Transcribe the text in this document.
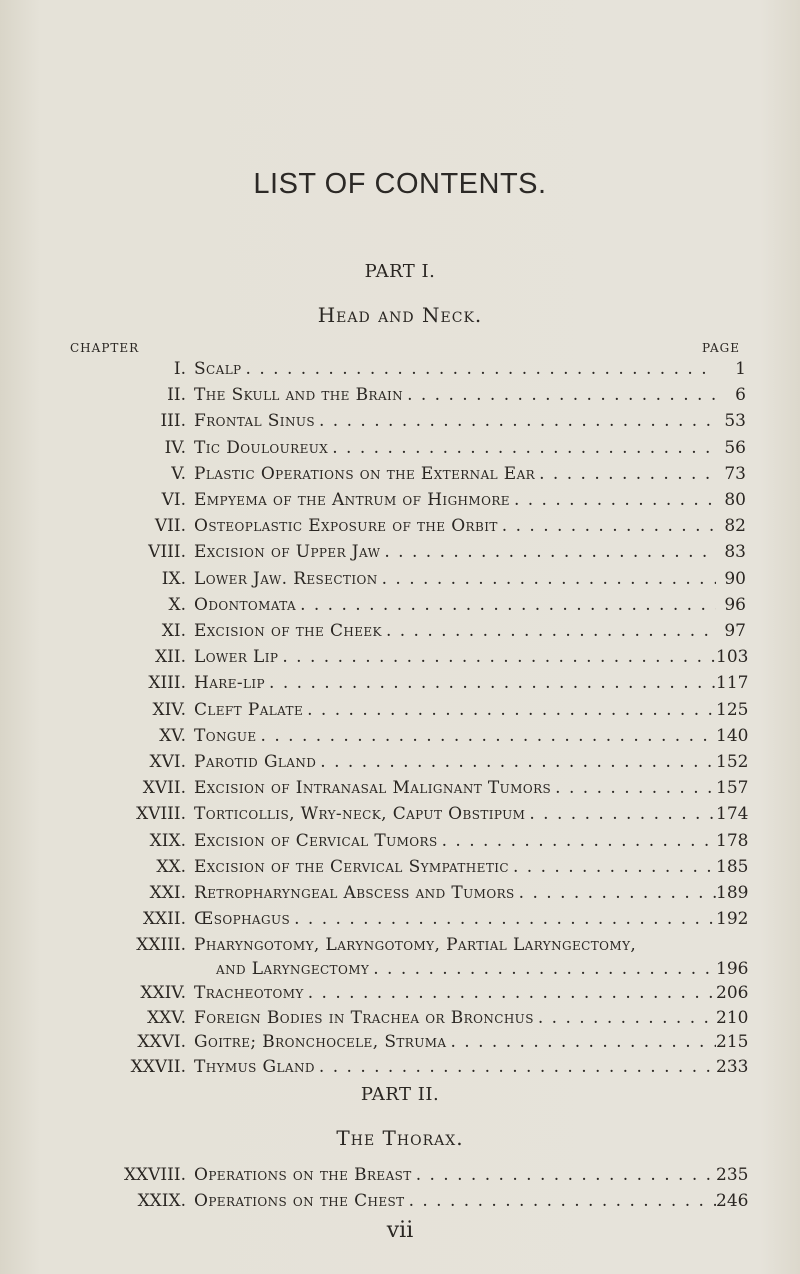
LIST OF CONTENTS.
PART I.
Head and Neck.
CHAPTER	PAGE
I. Scalp . . .	1
II. The Skull and the Brain . . .	6
III. Frontal Sinus . . .	53
IV. Tic Douloureux . . .	56
V. Plastic Operations on the External Ear . . .	73
VI. Empyema of the Antrum of Highmore . . .	80
VII. Osteoplastic Exposure of the Orbit . . .	82
VIII. Excision of Upper Jaw . . .	83
IX. Lower Jaw. Resection . . .	90
X. Odontomata . . .	96
XI. Excision of the Cheek . . .	97
XII. Lower Lip . . .	103
XIII. Hare-lip . . .	117
XIV. Cleft Palate . . .	125
XV. Tongue . . .	140
XVI. Parotid Gland . . .	152
XVII. Excision of Intranasal Malignant Tumors . . .	157
XVIII. Torticollis, Wry-neck, Caput Obstipum . . .	174
XIX. Excision of Cervical Tumors . . .	178
XX. Excision of the Cervical Sympathetic . . .	185
XXI. Retropharyngeal Abscess and Tumors . . .	189
XXII. Œsophagus . . .	192
XXIII. Pharyngotomy, Laryngotomy, Partial Laryngectomy,
and Laryngectomy . . .	196
XXIV. Tracheotomy . . .	206
XXV. Foreign Bodies in Trachea or Bronchus . . .	210
XXVI. Goitre; Bronchocele, Struma . . .	215
XXVII. Thymus Gland . . .	233
PART II.
The Thorax.
XXVIII. Operations on the Breast . . .	235
XXIX. Operations on the Chest . . .	246
vii
